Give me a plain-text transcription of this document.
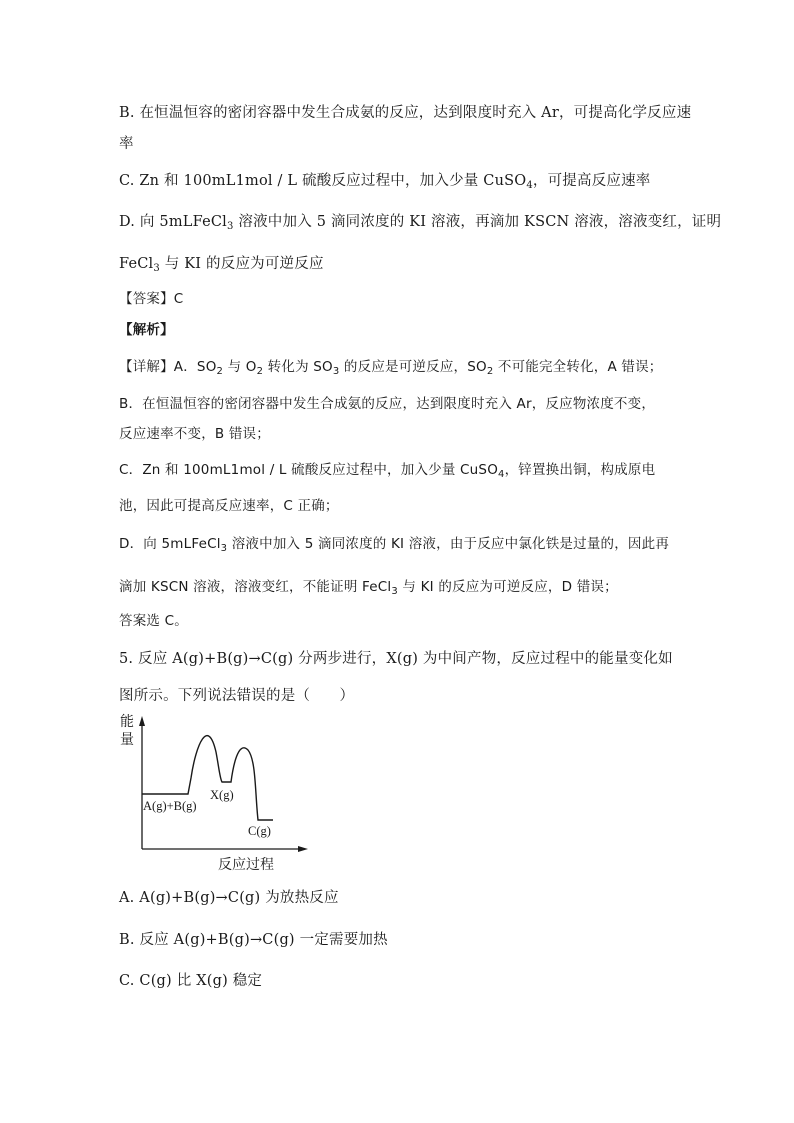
B. 在恒温恒容的密闭容器中发生合成氨的反应，达到限度时充入 Ar，可提高化学反应速
率
C. Zn 和 100mL1mol / L 硫酸反应过程中，加入少量 CuSO$_4$，可提高反应速率
D. 向 5mLFeCl$_3$ 溶液中加入 5 滴同浓度的 KI 溶液，再滴加 KSCN 溶液，溶液变红，证明
FeCl$_3$ 与 KI 的反应为可逆反应
【答案】C
【解析】
【详解】A．$SO_2$ 与 $O_2$ 转化为 $SO_3$ 的反应是可逆反应，$SO_2$ 不可能完全转化，A 错误；
B．在恒温恒容的密闭容器中发生合成氨的反应，达到限度时充入 Ar，反应物浓度不变，
反应速率不变，B 错误；
C．Zn 和 100mL1mol / L 硫酸反应过程中，加入少量 CuSO$_4$，锌置换出铜，构成原电
池，因此可提高反应速率，C 正确；
D．向 5mLFeCl$_3$ 溶液中加入 5 滴同浓度的 KI 溶液，由于反应中氯化铁是过量的，因此再
滴加 KSCN 溶液，溶液变红，不能证明 FeCl$_3$ 与 KI 的反应为可逆反应，D 错误；
答案选 C。
5. 反应 A(g)+B(g)→C(g) 分两步进行，X(g) 为中间产物，反应过程中的能量变化如
图所示。下列说法错误的是（　　）
能
量
A(g)+B(g)
X(g)
C(g)
反应过程
A. A(g)+B(g)→C(g) 为放热反应
B. 反应 A(g)+B(g)→C(g) 一定需要加热
C. C(g) 比 X(g) 稳定
